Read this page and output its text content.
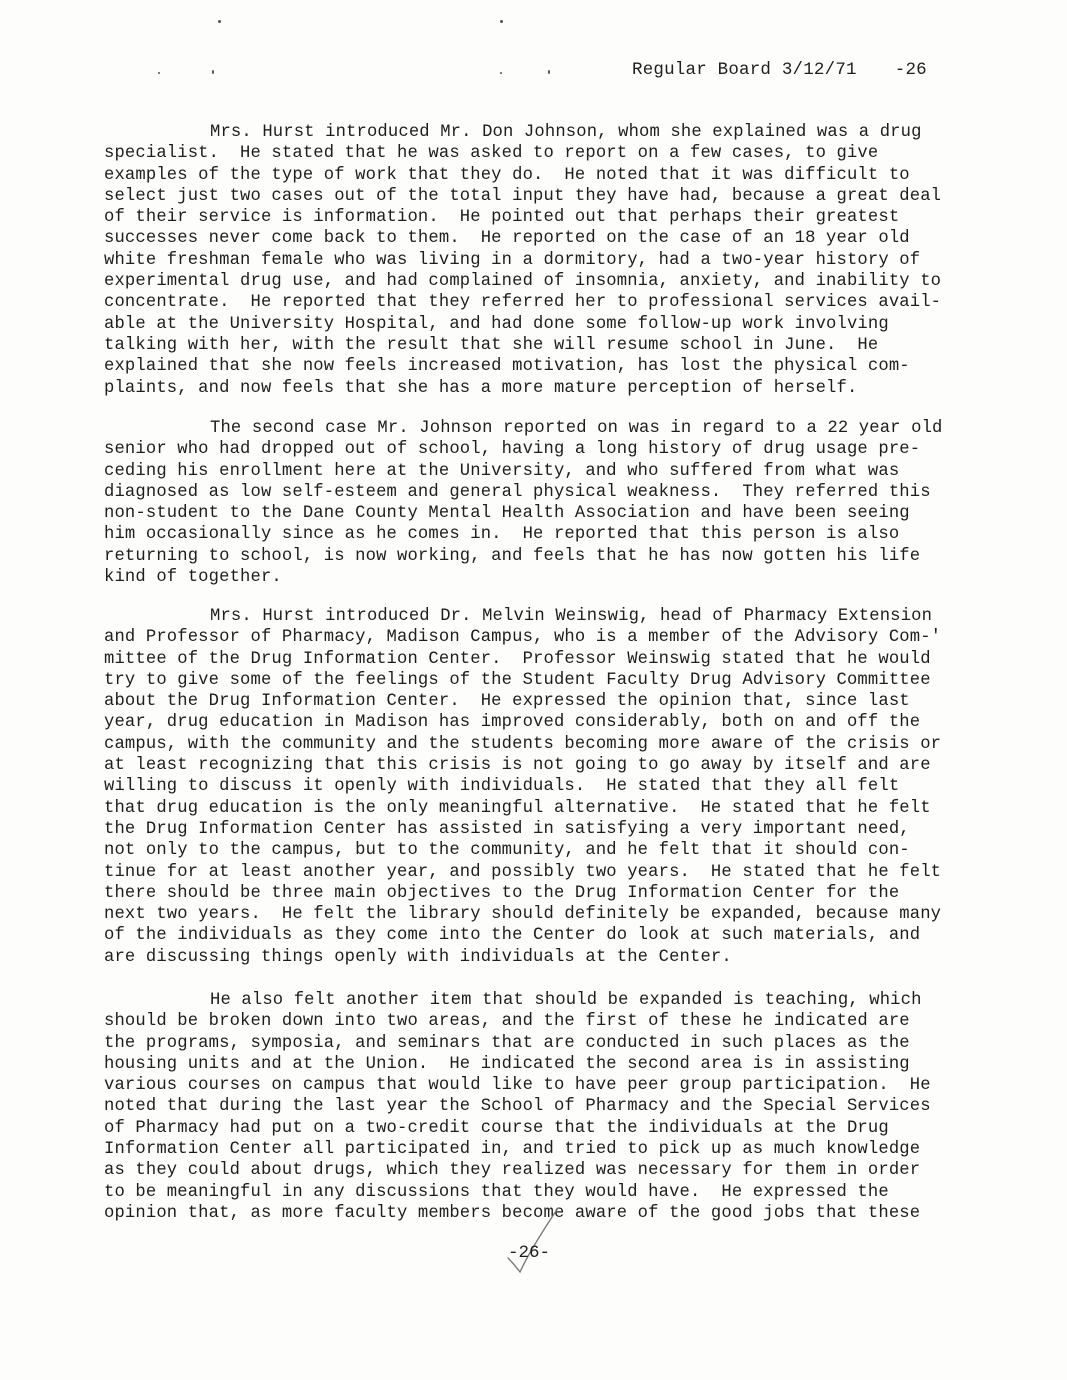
Regular Board 3/12/71 -26
Mrs. Hurst introduced Mr. Don Johnson, whom she explained was a drug
specialist.  He stated that he was asked to report on a few cases, to give
examples of the type of work that they do.  He noted that it was difficult to
select just two cases out of the total input they have had, because a great deal
of their service is information.  He pointed out that perhaps their greatest
successes never come back to them.  He reported on the case of an 18 year old
white freshman female who was living in a dormitory, had a two-year history of
experimental drug use, and had complained of insomnia, anxiety, and inability to
concentrate.  He reported that they referred her to professional services avail-
able at the University Hospital, and had done some follow-up work involving
talking with her, with the result that she will resume school in June.  He
explained that she now feels increased motivation, has lost the physical com-
plaints, and now feels that she has a more mature perception of herself.
The second case Mr. Johnson reported on was in regard to a 22 year old
senior who had dropped out of school, having a long history of drug usage pre-
ceding his enrollment here at the University, and who suffered from what was
diagnosed as low self-esteem and general physical weakness.  They referred this
non-student to the Dane County Mental Health Association and have been seeing
him occasionally since as he comes in.  He reported that this person is also
returning to school, is now working, and feels that he has now gotten his life
kind of together.
Mrs. Hurst introduced Dr. Melvin Weinswig, head of Pharmacy Extension
and Professor of Pharmacy, Madison Campus, who is a member of the Advisory Com-'
mittee of the Drug Information Center.  Professor Weinswig stated that he would
try to give some of the feelings of the Student Faculty Drug Advisory Committee
about the Drug Information Center.  He expressed the opinion that, since last
year, drug education in Madison has improved considerably, both on and off the
campus, with the community and the students becoming more aware of the crisis or
at least recognizing that this crisis is not going to go away by itself and are
willing to discuss it openly with individuals.  He stated that they all felt
that drug education is the only meaningful alternative.  He stated that he felt
the Drug Information Center has assisted in satisfying a very important need,
not only to the campus, but to the community, and he felt that it should con-
tinue for at least another year, and possibly two years.  He stated that he felt
there should be three main objectives to the Drug Information Center for the
next two years.  He felt the library should definitely be expanded, because many
of the individuals as they come into the Center do look at such materials, and
are discussing things openly with individuals at the Center.
He also felt another item that should be expanded is teaching, which
should be broken down into two areas, and the first of these he indicated are
the programs, symposia, and seminars that are conducted in such places as the
housing units and at the Union.  He indicated the second area is in assisting
various courses on campus that would like to have peer group participation.  He
noted that during the last year the School of Pharmacy and the Special Services
of Pharmacy had put on a two-credit course that the individuals at the Drug
Information Center all participated in, and tried to pick up as much knowledge
as they could about drugs, which they realized was necessary for them in order
to be meaningful in any discussions that they would have.  He expressed the
opinion that, as more faculty members become aware of the good jobs that these
-26-
